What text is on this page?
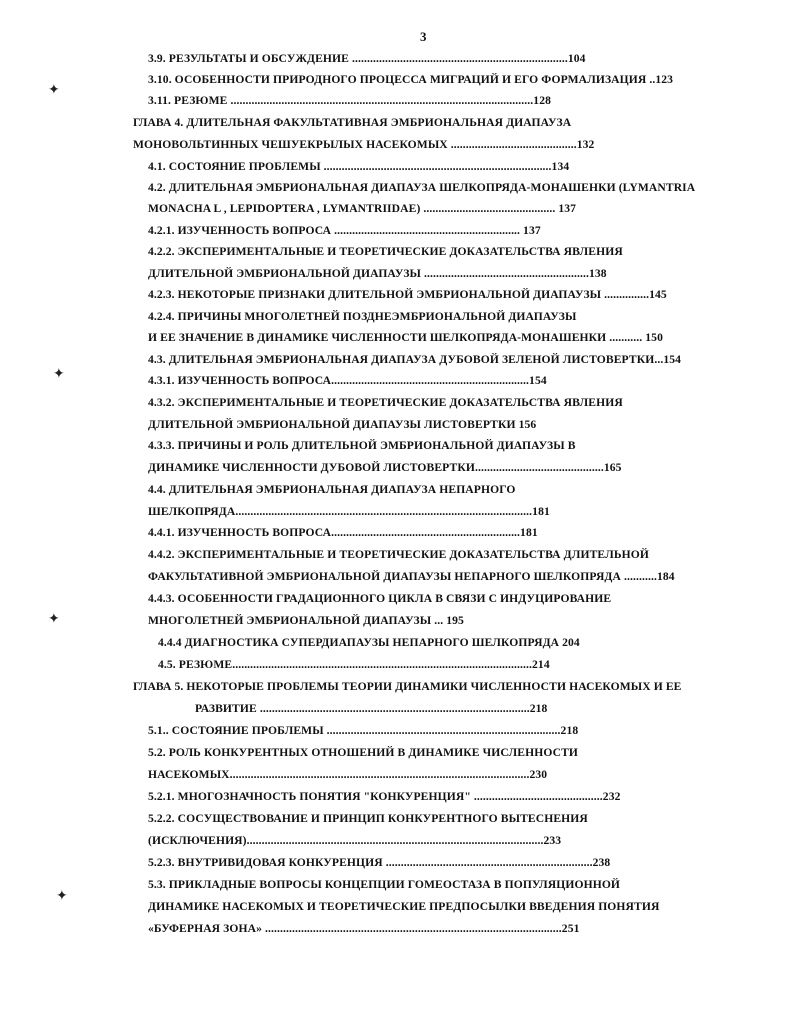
3
3.9. РЕЗУЛЬТАТЫ И ОБСУЖДЕНИЕ ........................................................................104
3.10. ОСОБЕННОСТИ ПРИРОДНОГО ПРОЦЕССА МИГРАЦИЙ И ЕГО ФОРМАЛИЗАЦИЯ ..123
3.11. РЕЗЮМЕ .....................................................................................................128
ГЛАВА 4. ДЛИТЕЛЬНАЯ ФАКУЛЬТАТИВНАЯ ЭМБРИОНАЛЬНАЯ ДИАПАУЗА
МОНОВОЛЬТИННЫХ ЧЕШУЕКРЫЛЫХ НАСЕКОМЫХ ..........................................132
4.1. СОСТОЯНИЕ ПРОБЛЕМЫ ............................................................................134
4.2. ДЛИТЕЛЬНАЯ ЭМБРИОНАЛЬНАЯ ДИАПАУЗА ШЕЛКОПРЯДА-МОНАШЕНКИ (LYMANTRIA
MONACHA L , LEPIDOPTERA , LYMANTRIIDAE) ............................................ 137
4.2.1. ИЗУЧЕННОСТЬ ВОПРОСА .............................................................. 137
4.2.2. ЭКСПЕРИМЕНТАЛЬНЫЕ И ТЕОРЕТИЧЕСКИЕ ДОКАЗАТЕЛЬСТВА ЯВЛЕНИЯ
ДЛИТЕЛЬНОЙ ЭМБРИОНАЛЬНОЙ ДИАПАУЗЫ .......................................................138
4.2.3. НЕКОТОРЫЕ ПРИЗНАКИ ДЛИТЕЛЬНОЙ ЭМБРИОНАЛЬНОЙ ДИАПАУЗЫ ...............145
4.2.4. ПРИЧИНЫ МНОГОЛЕТНЕЙ ПОЗДНЕЭМБРИОНАЛЬНОЙ ДИАПАУЗЫ
И ЕЕ ЗНАЧЕНИЕ В ДИНАМИКЕ ЧИСЛЕННОСТИ ШЕЛКОПРЯДА-МОНАШЕНКИ ........... 150
4.3. ДЛИТЕЛЬНАЯ ЭМБРИОНАЛЬНАЯ ДИАПАУЗА ДУБОВОЙ ЗЕЛЕНОЙ ЛИСТОВЕРТКИ...154
4.3.1. ИЗУЧЕННОСТЬ ВОПРОСА..................................................................154
4.3.2. ЭКСПЕРИМЕНТАЛЬНЫЕ И ТЕОРЕТИЧЕСКИЕ ДОКАЗАТЕЛЬСТВА ЯВЛЕНИЯ
ДЛИТЕЛЬНОЙ ЭМБРИОНАЛЬНОЙ ДИАПАУЗЫ ЛИСТОВЕРТКИ 156
4.3.3. ПРИЧИНЫ И РОЛЬ ДЛИТЕЛЬНОЙ ЭМБРИОНАЛЬНОЙ ДИАПАУЗЫ В
ДИНАМИКЕ ЧИСЛЕННОСТИ ДУБОВОЙ ЛИСТОВЕРТКИ...........................................165
4.4. ДЛИТЕЛЬНАЯ ЭМБРИОНАЛЬНАЯ ДИАПАУЗА НЕПАРНОГО
ШЕЛКОПРЯДА...................................................................................................181
4.4.1. ИЗУЧЕННОСТЬ ВОПРОСА...............................................................181
4.4.2. ЭКСПЕРИМЕНТАЛЬНЫЕ И ТЕОРЕТИЧЕСКИЕ ДОКАЗАТЕЛЬСТВА ДЛИТЕЛЬНОЙ
ФАКУЛЬТАТИВНОЙ ЭМБРИОНАЛЬНОЙ ДИАПАУЗЫ НЕПАРНОГО ШЕЛКОПРЯДА ...........184
4.4.3. ОСОБЕННОСТИ ГРАДАЦИОННОГО ЦИКЛА В СВЯЗИ С ИНДУЦИРОВАНИЕ
МНОГОЛЕТНЕЙ ЭМБРИОНАЛЬНОЙ ДИАПАУЗЫ ... 195
4.4.4 ДИАГНОСТИКА СУПЕРДИАПАУЗЫ НЕПАРНОГО ШЕЛКОПРЯДА 204
4.5. РЕЗЮМЕ....................................................................................................214
ГЛАВА 5. НЕКОТОРЫЕ ПРОБЛЕМЫ ТЕОРИИ ДИНАМИКИ ЧИСЛЕННОСТИ НАСЕКОМЫХ И ЕЕ
РАЗВИТИЕ ..........................................................................................218
5.1.. СОСТОЯНИЕ ПРОБЛЕМЫ ..............................................................................218
5.2. РОЛЬ КОНКУРЕНТНЫХ ОТНОШЕНИЙ В ДИНАМИКЕ ЧИСЛЕННОСТИ
НАСЕКОМЫХ....................................................................................................230
5.2.1. МНОГОЗНАЧНОСТЬ ПОНЯТИЯ "КОНКУРЕНЦИЯ" ...........................................232
5.2.2. СОСУЩЕСТВОВАНИЕ И ПРИНЦИП КОНКУРЕНТНОГО ВЫТЕСНЕНИЯ
(ИСКЛЮЧЕНИЯ)...................................................................................................233
5.2.3. ВНУТРИВИДОВАЯ КОНКУРЕНЦИЯ .....................................................................238
5.3. ПРИКЛАДНЫЕ ВОПРОСЫ КОНЦЕПЦИИ ГОМЕОСТАЗА В ПОПУЛЯЦИОННОЙ
ДИНАМИКЕ НАСЕКОМЫХ И ТЕОРЕТИЧЕСКИЕ ПРЕДПОСЫЛКИ ВВЕДЕНИЯ ПОНЯТИЯ
«БУФЕРНАЯ ЗОНА» ...................................................................................................251
✦
✦
✦
✦
